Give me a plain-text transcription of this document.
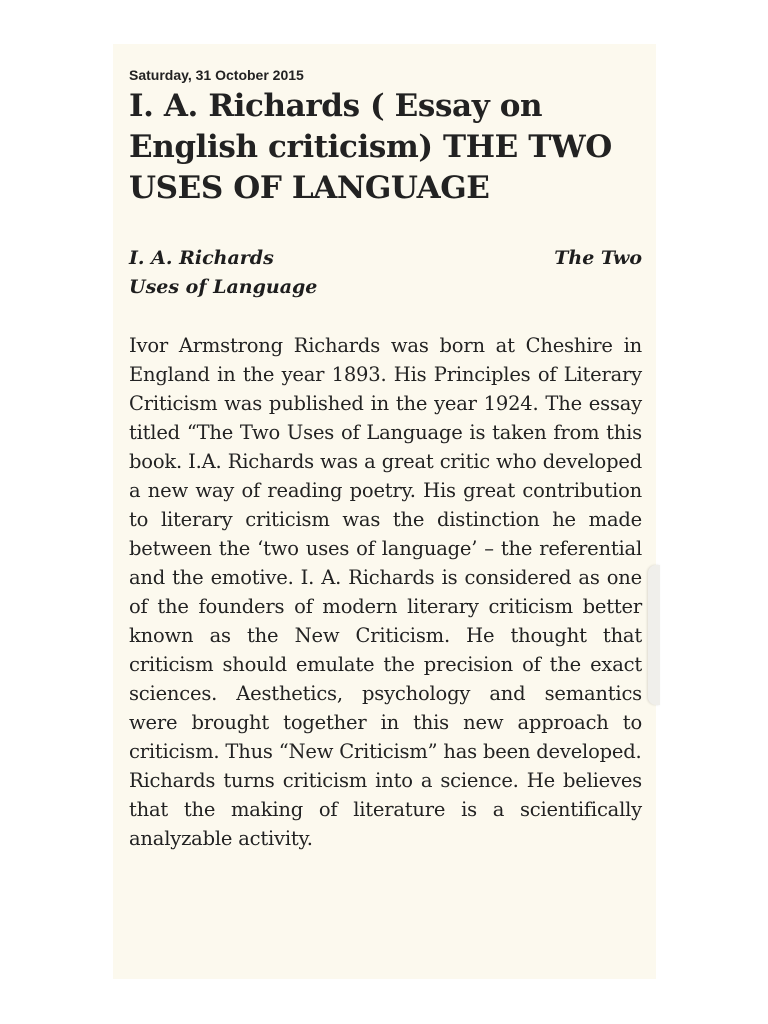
Saturday, 31 October 2015
I. A. Richards ( Essay on English criticism) THE TWO USES OF LANGUAGE
I. A. Richards	The Two
Uses of Language

Ivor Armstrong Richards was born at Cheshire in England in the year 1893. His Principles of Literary Criticism was published in the year 1924. The essay titled “The Two Uses of Language is taken from this book. I.A. Richards was a great critic who developed a new way of reading poetry. His great contribution to literary criticism was the distinction he made between the ‘two uses of language’ – the referential and the emotive. I. A. Richards is considered as one of the founders of modern literary criticism better known as the New Criticism. He thought that criticism should emulate the precision of the exact sciences. Aesthetics, psychology and semantics were brought together in this new approach to criticism. Thus “New Criticism” has been developed.

Richards turns criticism into a science. He believes that the making of literature is a scientifically analyzable activity.
